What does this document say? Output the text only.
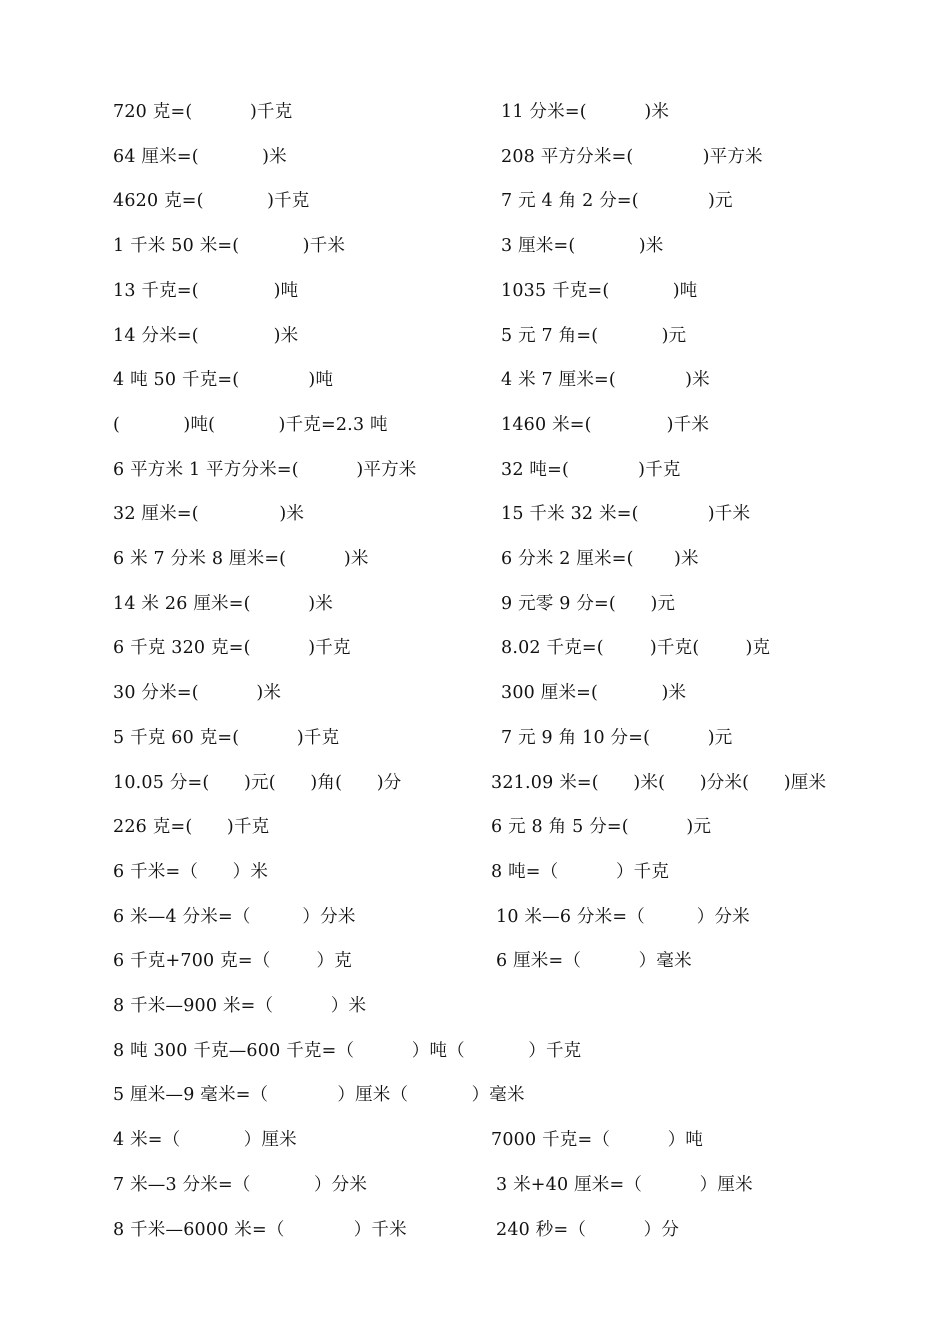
720 克=(          )千克
64 厘米=(           )米
4620 克=(           )千克
1 千米 50 米=(           )千米
13 千克=(             )吨
14 分米=(             )米
4 吨 50 千克=(            )吨
(           )吨(           )千克=2.3 吨
6 平方米 1 平方分米=(          )平方米
32 厘米=(              )米
6 米 7 分米 8 厘米=(          )米
14 米 26 厘米=(          )米
6 千克 320 克=(          )千克
30 分米=(          )米
5 千克 60 克=(          )千克
10.05 分=(      )元(      )角(      )分
226 克=(      )千克
6 千米=（      ）米
6 米—4 分米=（         ）分米
6 千克+700 克=（        ）克
8 千米—900 米=（          ）米
8 吨 300 千克—600 千克=（          ）吨（           ）千克
5 厘米—9 毫米=（            ）厘米（           ）毫米
4 米=（           ）厘米
7 米—3 分米=（           ）分米
8 千米—6000 米=（            ）千米
11 分米=(          )米
208 平方分米=(            )平方米
7 元 4 角 2 分=(            )元
3 厘米=(           )米
1035 千克=(           )吨
5 元 7 角=(           )元
4 米 7 厘米=(            )米
1460 米=(             )千米
32 吨=(            )千克
15 千米 32 米=(            )千米
6 分米 2 厘米=(       )米
9 元零 9 分=(      )元
8.02 千克=(        )千克(        )克
300 厘米=(           )米
7 元 9 角 10 分=(          )元
321.09 米=(      )米(      )分米(      )厘米
6 元 8 角 5 分=(          )元
8 吨=（          ）千克
10 米—6 分米=（         ）分米
6 厘米=（          ）毫米
7000 千克=（          ）吨
3 米+40 厘米=（          ）厘米
240 秒=（          ）分
